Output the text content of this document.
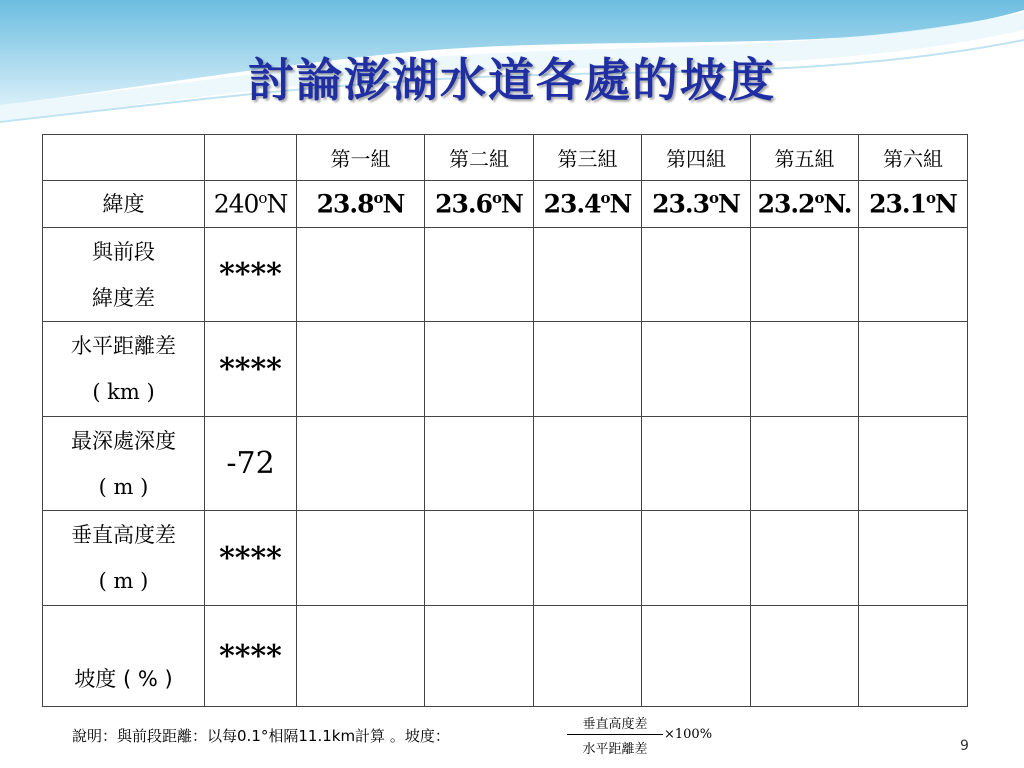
討論澎湖水道各處的坡度
		第一組	第二組	第三組	第四組	第五組	第六組
緯度	240$^o$N	23.8$^o$N	23.6$^o$N	23.4$^o$N	23.3$^o$N	23.2$^o$N.	23.1$^o$N

與前段
緯度差	****						

水平距離差
( km )	****						

最深處深度
( m )	-72						

垂直高度差
( m )	****						

坡度 ( % )	****						
說明：與前段距離：以每0.1°相隔11.1km計算 。坡度：
垂直高度差
水平距離差
×100%
9
